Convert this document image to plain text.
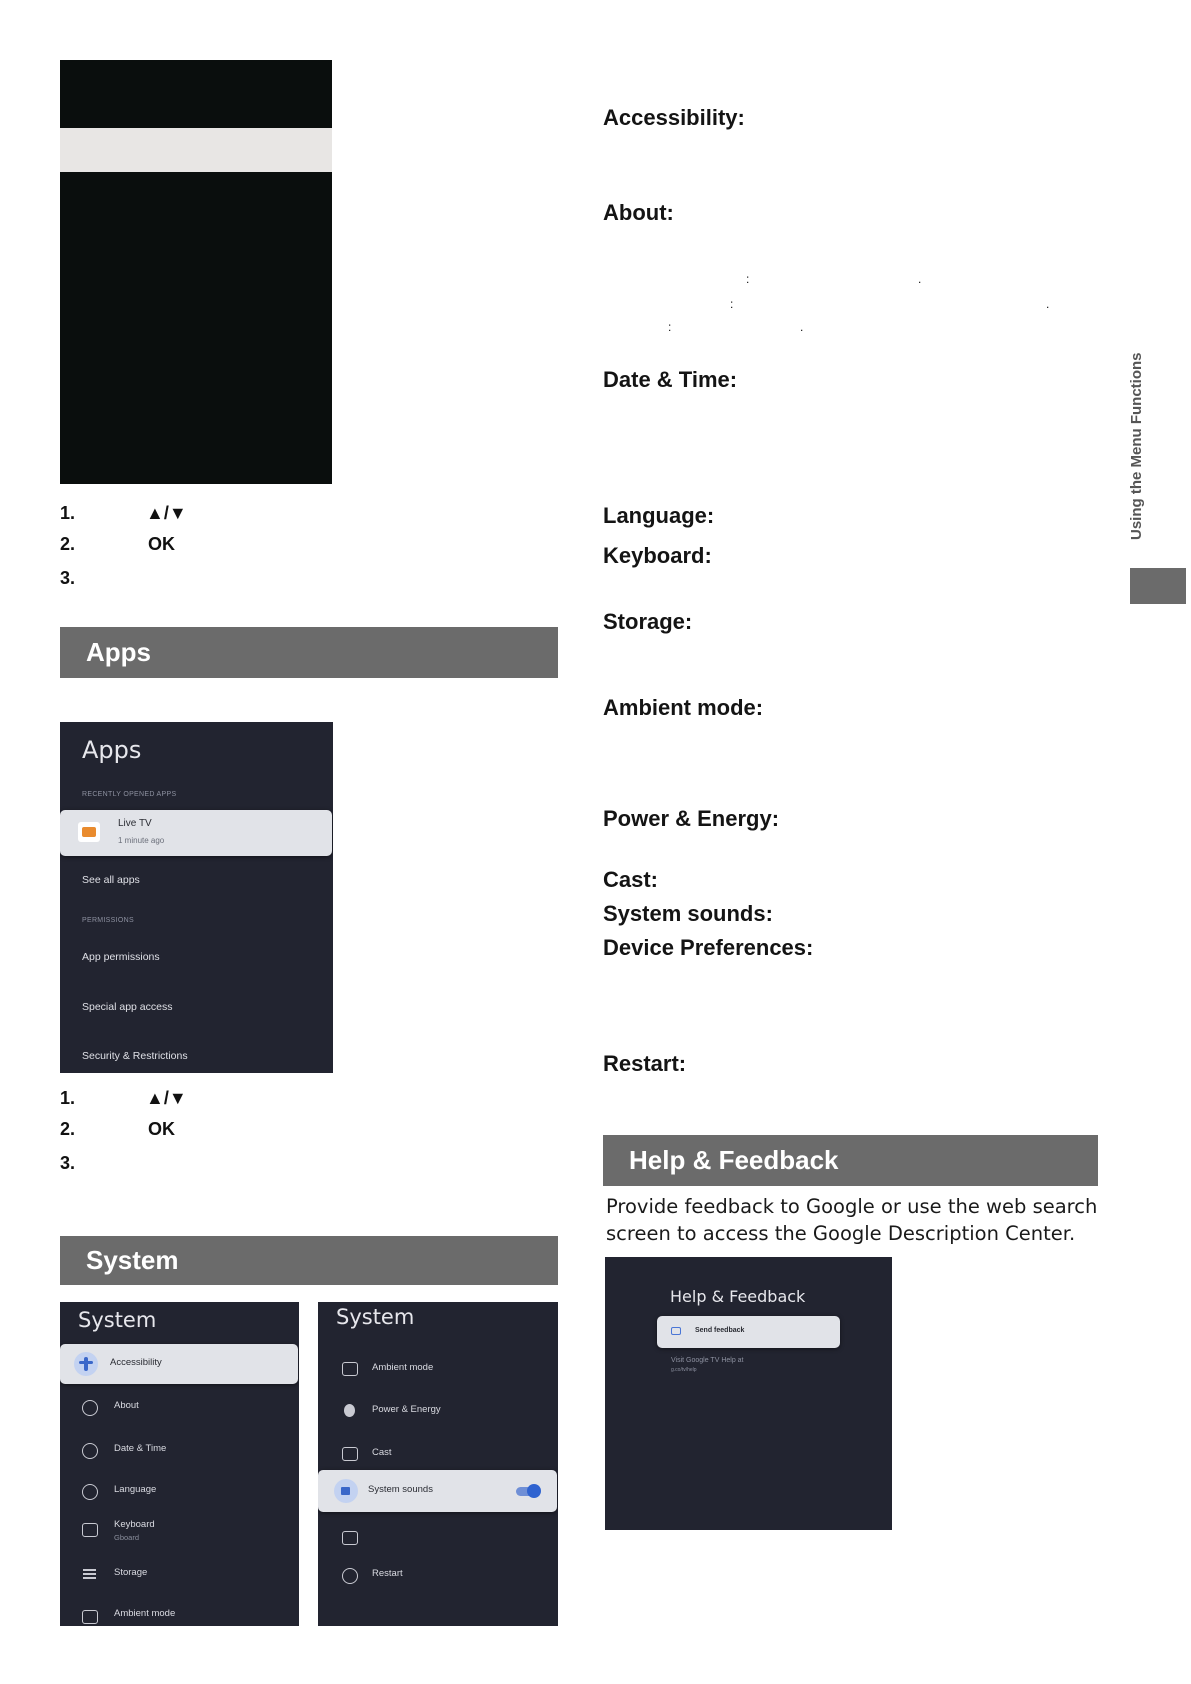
1.	▲/▼
2.	OK
3.
Apps
Apps
RECENTLY OPENED APPS
Live TV
1 minute ago
See all apps
PERMISSIONS
App permissions
Special app access
Security & Restrictions
1.	▲/▼
2.	OK
3.
System
System
Accessibility
About
Date & Time
Language
Keyboard
Gboard
Storage
Ambient mode
System
Ambient mode
Power & Energy
Cast
System sounds
Restart
Accessibility:
About:
:	.
:	.
:	.
Date & Time:
Language:
Keyboard:
Storage:
Ambient mode:
Power & Energy:
Cast:
System sounds:
Device Preferences:
Restart:
Help & Feedback
Provide feedback to Google or use the web search
screen to access the Google Description Center.
Help & Feedback
Send feedback
Visit Google TV Help at
g.co/tv/help
Using the Menu Functions
